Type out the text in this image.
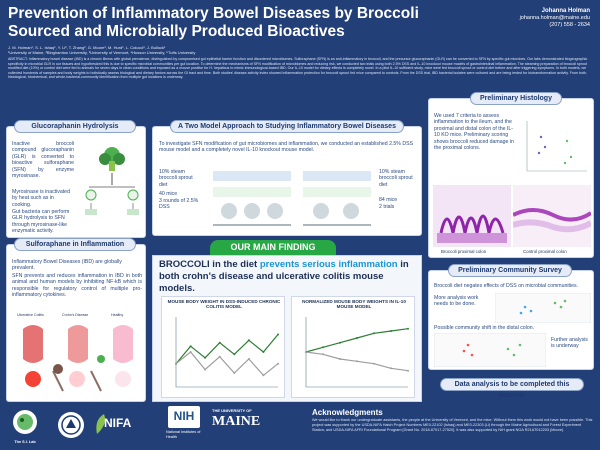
Prevention of Inflammatory Bowel Diseases by Broccoli Sourced and Microbially Produced Bioactives
Johanna Holman
johanna.holman@maine.edu
(207) 558 - 2634
J. M. Holman¹, S. L. Ishaq¹, Y. Li², T. Zhang², G. Moore¹, M. Hurd¹, L. Colucci¹, J. Bullock¹
¹University of Maine, ²Binghamton University, ³University of Vermont, ⁴Husson University, ⁵Tufts University
ABSTRACT: Inflammatory bowel disease (IBD) is a chronic illness with global prevalence, distinguished by compromised gut epithelial barrier function and disordered microbiomes. Sulforaphane (SFN) is an anti-inflammatory in broccoli, and the precursor glucoraphanin (GLR) can be converted to SFN by specific gut microbes. Our labs demonstrated biogeographic specificity in microbial GLR in our tissues and hypothesized this is due to specific microbial communities per gut location. To determine the mechanisms of SFN modification of microbiomes and reducing risk, we conducted two trials using both 2.5% DSS and IL-10 knockout mouse models of gastrointestinal inflammation. The steaming preparation of broccoli sprout modified diet (10%) or control diet were fed to animals for seven days in clean conditions and exposed as a mouse positive for H. hepaticus to mimic immunological-based IBD. Our IL-10 model for dietary effects is completely novel. In a pilot IL-10 sufficient study, mice were fed broccoli sprout or control diet before and after triggering symptoms. In both models, we collected hundreds of samples and body weights to holistically assess biological and dietary factors across the GI tract and time. Both studies' disease activity index showed inflammation protection for broccoli sprout fed mice compared to controls. From the DSS trial, IBD bacterial isolates were cultured and are being tested for biotransformation activity. From both, histological, biochemical, and whole-bacterial-community identification from multiple gut locations is underway.
Inactive broccoli compound glucoraphanin (GLR) is converted to bioactive sulforaphane (SFN) by enzyme myrosinase.
Myrosinase is inactivated by heat such as in cooking.
Gut bacteria can perform GLR hydrolysis to SFN through myrosinase-like enzymatic activity.
Glucoraphanin Hydrolysis
Inflammatory Bowel Diseases (IBD) are globally prevalent.
SFN prevents and reduces inflammation in IBD in both animal and human models by inhibiting NF-kB which is responsible for regulatory control of multiple pro-inflammatory cytokines.
Ulcerative Colitis	Crohn's Disease	Healthy
Sulforaphane in Inflammation
To investigate SFN modification of gut microbiomes and inflammation, we conducted an established 2.5% DSS mouse model and a completely novel IL-10 knockout mouse model.
10% steam broccoli sprout diet
40 mice
3 rounds of 2.5% DSS
10% steam broccoli sprout diet
84 mice
2 trials
A Two Model Approach to Studying Inflammatory Bowel Diseases
OUR MAIN FINDING
BROCCOLI in the diet prevents serious inflammation in both crohn's disease and ulcerative colitis mouse models.
MOUSE BODY WEIGHT IN DSS-INDUCED CHRONIC COLITIS MODEL
NORMALIZED MOUSE BODY WEIGHTS IN IL-10 MOUSE MODEL
We used 7 criteria to assess inflammation to the ileum, and the proximal and distal colon of the IL-10 KO mice. Preliminary scoring shows broccoli reduced damage in the proximal colons.
Broccoli proximal colon	Control proximal colon
Preliminary Histology
Broccoli diet negates effects of DSS on microbial communities.
More analysis work needs to be done.
Possible community shift in the distal colon.
Further analysis is underway
Preliminary Community Survey
Data analysis to be completed this summer
The S.I. Lab
NIFA	NIH
National Institutes of Health
THE UNIVERSITY OF
MAINE
Acknowledgments
We would like to thank our undergraduate assistants, the people at the University of Vermont, and the mice. Without them this work would not have been possible. This project was supported by the USDA-NIFA Hatch Project Numbers ME0-22102 (Ishaq) and ME0-22303 (Li) through the Maine Agricultural and Forest Experiment Station, and USDA-NIFA AFRI Foundational Program [Grant No. 2018-67017-27520]. It was also supported by NIH grant NOA R21AT012203 (Moore).
